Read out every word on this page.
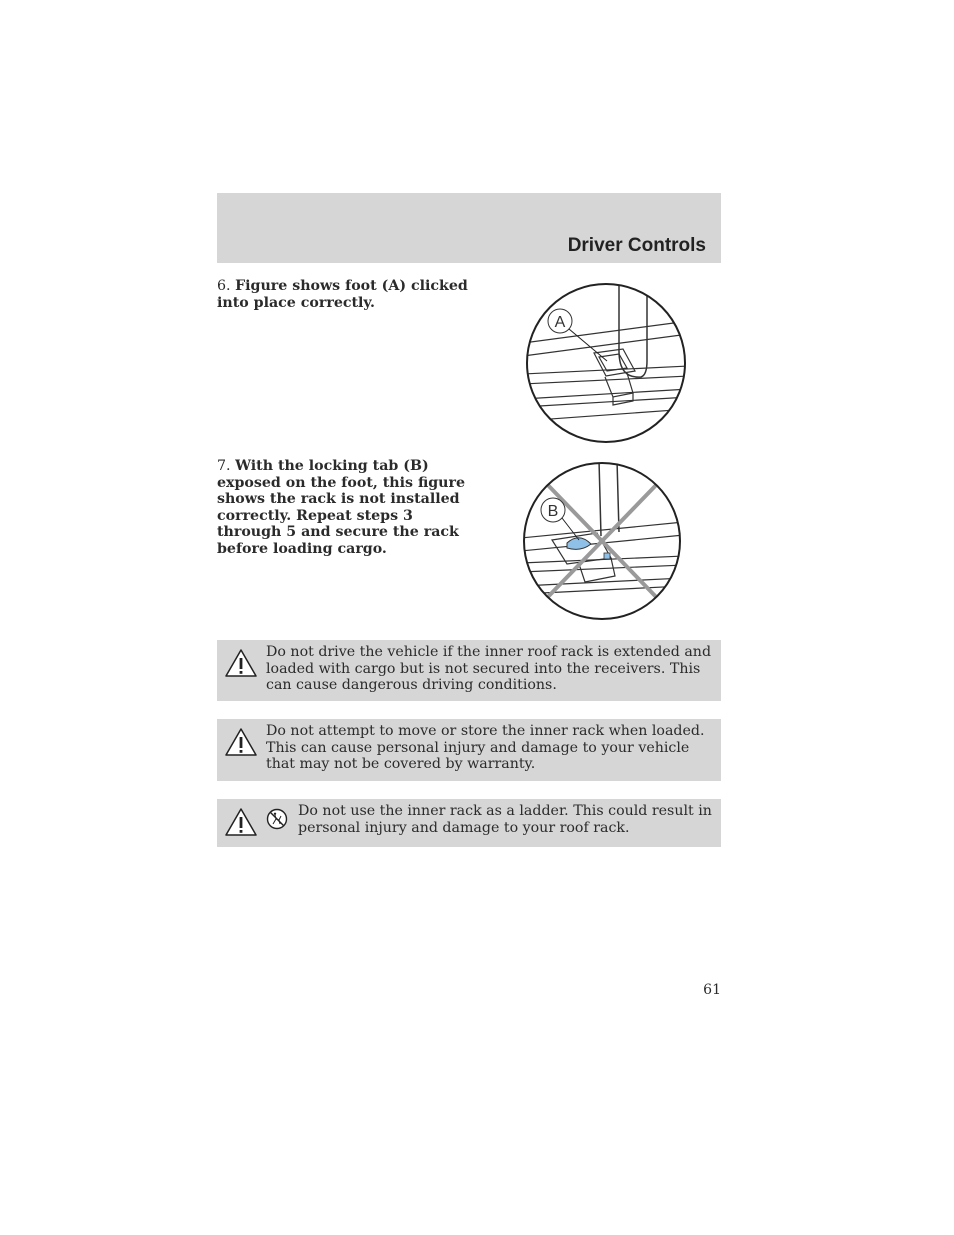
Driver Controls
6. Figure shows foot (A) clicked into place correctly.
A
7. With the locking tab (B) exposed on the foot, this figure shows the rack is not installed correctly. Repeat steps 3 through 5 and secure the rack before loading cargo.
B
Do not drive the vehicle if the inner roof rack is extended and loaded with cargo but is not secured into the receivers. This can cause dangerous driving conditions.
Do not attempt to move or store the inner rack when loaded. This can cause personal injury and damage to your vehicle that may not be covered by warranty.
Do not use the inner rack as a ladder. This could result in personal injury and damage to your roof rack.
61
